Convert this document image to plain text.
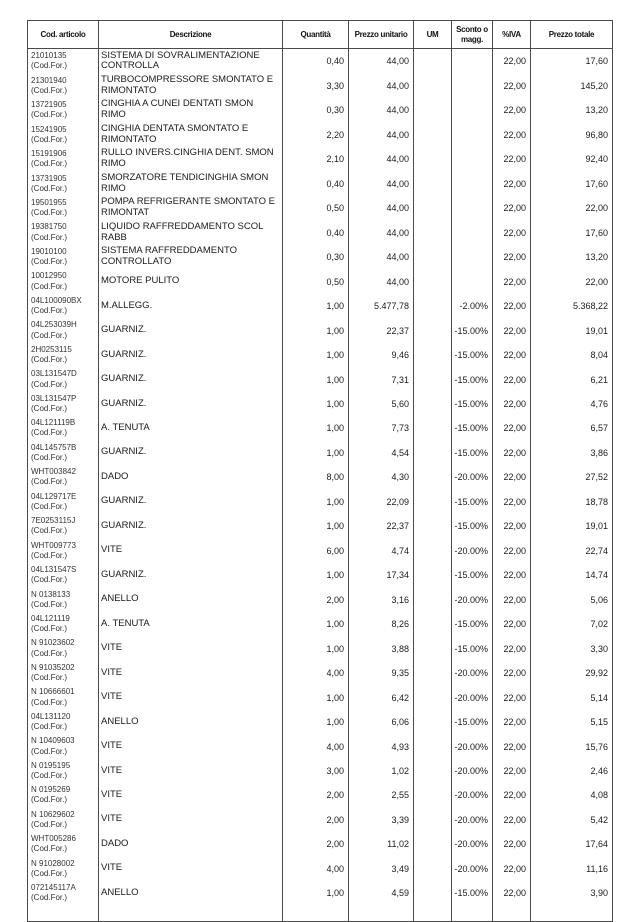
Cod. articolo	Descrizione	Quantità	Prezzo unitario	UM	Sconto o magg.	%IVA	Prezzo totale

21010135
(Cod.For.)	SISTEMA DI SOVRALIMENTAZIONE CONTROLLA	0,40	44,00			22,00	17,60

21301940
(Cod.For.)	TURBOCOMPRESSORE SMONTATO E RIMONTATO	3,30	44,00			22,00	145,20

13721905
(Cod.For.)	CINGHIA A CUNEI DENTATI SMON RIMO	0,30	44,00			22,00	13,20

15241905
(Cod.For.)	CINGHIA DENTATA SMONTATO E RIMONTATO	2,20	44,00			22,00	96,80

15191906
(Cod.For.)	RULLO INVERS.CINGHIA DENT. SMON RIMO	2,10	44,00			22,00	92,40

13731905
(Cod.For.)	SMORZATORE TENDICINGHIA SMON RIMO	0,40	44,00			22,00	17,60

19501955
(Cod.For.)	POMPA REFRIGERANTE SMONTATO E RIMONTAT	0,50	44,00			22,00	22,00

19381750
(Cod.For.)	LIQUIDO RAFFREDDAMENTO SCOL RABB	0,40	44,00			22,00	17,60

19010100
(Cod.For.)	SISTEMA RAFFREDDAMENTO CONTROLLATO	0,30	44,00			22,00	13,20

10012950
(Cod.For.)	MOTORE PULITO	0,50	44,00			22,00	22,00

04L100090BX
(Cod.For.)	M.ALLEGG.	1,00	5.477,78		-2.00%	22,00	5.368,22

04L253039H
(Cod.For.)	GUARNIZ.	1,00	22,37		-15.00%	22,00	19,01

2H0253115
(Cod.For.)	GUARNIZ.	1,00	9,46		-15.00%	22,00	8,04

03L131547D
(Cod.For.)	GUARNIZ.	1,00	7,31		-15.00%	22,00	6,21

03L131547P
(Cod.For.)	GUARNIZ.	1,00	5,60		-15.00%	22,00	4,76

04L121119B
(Cod.For.)	A. TENUTA	1,00	7,73		-15.00%	22,00	6,57

04L145757B
(Cod.For.)	GUARNIZ.	1,00	4,54		-15.00%	22,00	3,86

WHT003842
(Cod.For.)	DADO	8,00	4,30		-20.00%	22,00	27,52

04L129717E
(Cod.For.)	GUARNIZ.	1,00	22,09		-15.00%	22,00	18,78

7E0253115J
(Cod.For.)	GUARNIZ.	1,00	22,37		-15.00%	22,00	19,01

WHT009773
(Cod.For.)	VITE	6,00	4,74		-20.00%	22,00	22,74

04L131547S
(Cod.For.)	GUARNIZ.	1,00	17,34		-15.00%	22,00	14,74

N 0138133
(Cod.For.)	ANELLO	2,00	3,16		-20.00%	22,00	5,06

04L121119
(Cod.For.)	A. TENUTA	1,00	8,26		-15.00%	22,00	7,02

N 91023602
(Cod.For.)	VITE	1,00	3,88		-15.00%	22,00	3,30

N 91035202
(Cod.For.)	VITE	4,00	9,35		-20.00%	22,00	29,92

N 10666601
(Cod.For.)	VITE	1,00	6,42		-20.00%	22,00	5,14

04L131120
(Cod.For.)	ANELLO	1,00	6,06		-15.00%	22,00	5,15

N 10409603
(Cod.For.)	VITE	4,00	4,93		-20.00%	22,00	15,76

N 0195195
(Cod.For.)	VITE	3,00	1,02		-20.00%	22,00	2,46

N 0195269
(Cod.For.)	VITE	2,00	2,55		-20.00%	22,00	4,08

N 10629602
(Cod.For.)	VITE	2,00	3,39		-20.00%	22,00	5,42

WHT005286
(Cod.For.)	DADO	2,00	11,02		-20.00%	22,00	17,64

N 91028002
(Cod.For.)	VITE	4,00	3,49		-20.00%	22,00	11,16

072145117A
(Cod.For.)	ANELLO	1,00	4,59		-15.00%	22,00	3,90
